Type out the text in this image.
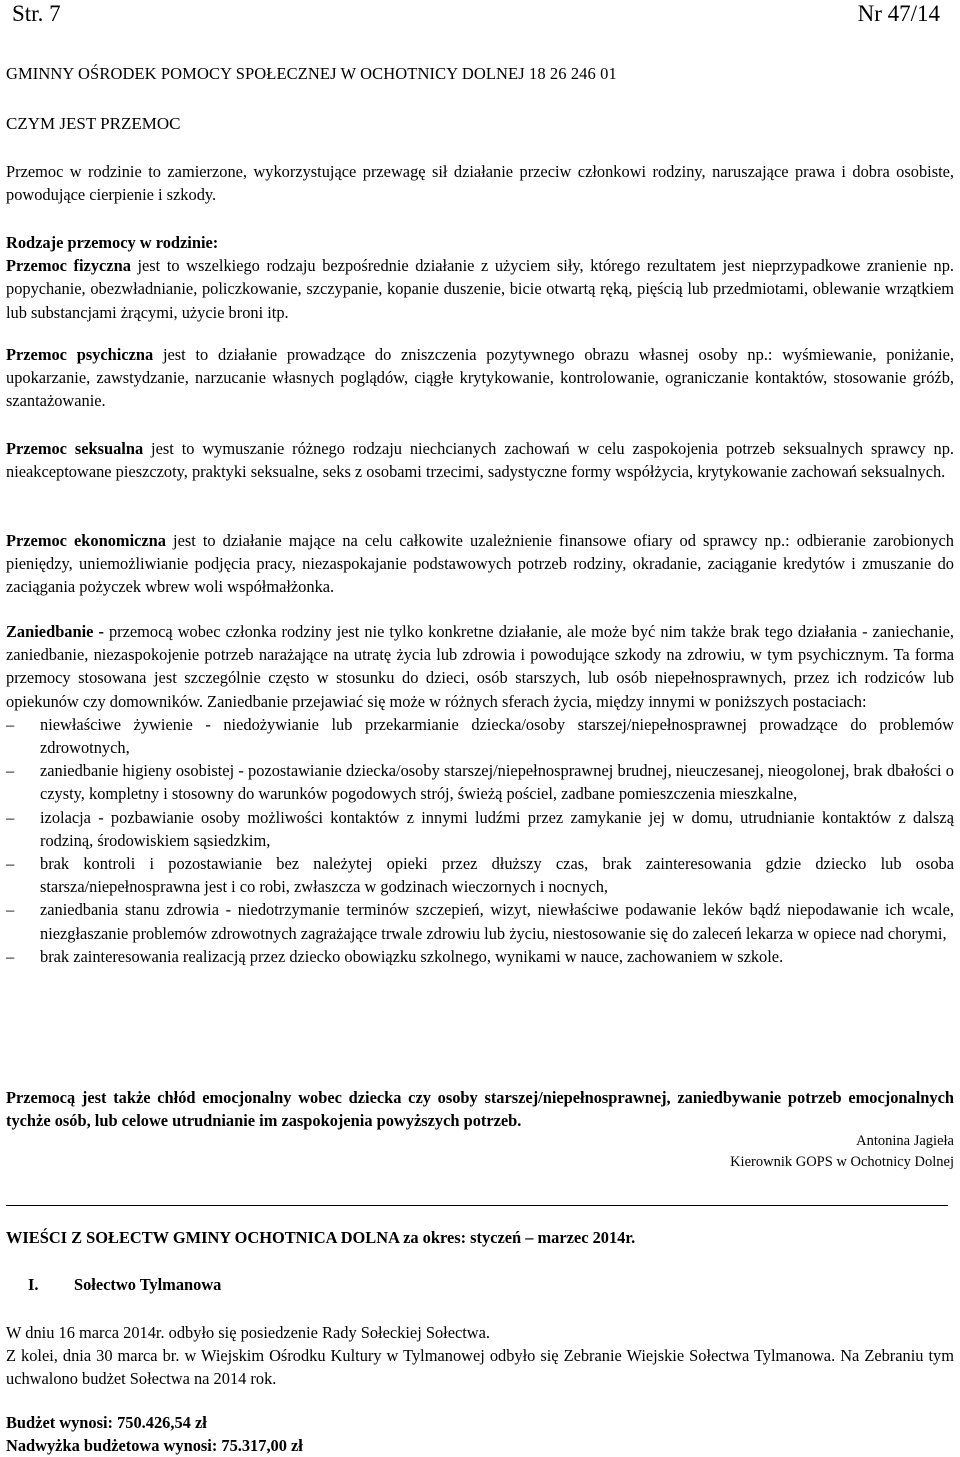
Str. 7	Nr 47/14
GMINNY OŚRODEK POMOCY SPOŁECZNEJ W OCHOTNICY DOLNEJ 18 26 246 01
CZYM JEST PRZEMOC
Przemoc w rodzinie to zamierzone, wykorzystujące przewagę sił działanie przeciw członkowi rodziny, naruszające prawa i dobra osobiste, powodujące cierpienie i szkody.
Rodzaje przemocy w rodzinie:
Przemoc fizyczna jest to wszelkiego rodzaju bezpośrednie działanie z użyciem siły, którego rezultatem jest nieprzypadkowe zranienie np. popychanie, obezwładnianie, policzkowanie, szczypanie, kopanie duszenie, bicie otwartą ręką, pięścią lub przedmiotami, oblewanie wrzątkiem lub substancjami żrącymi, użycie broni itp.
Przemoc psychiczna jest to działanie prowadzące do zniszczenia pozytywnego obrazu własnej osoby np.: wyśmiewanie, poniżanie, upokarzanie, zawstydzanie, narzucanie własnych poglądów, ciągłe krytykowanie, kontrolowanie, ograniczanie kontaktów, stosowanie gróźb, szantażowanie.
Przemoc seksualna jest to wymuszanie różnego rodzaju niechcianych zachowań w celu zaspokojenia potrzeb seksualnych sprawcy np. nieakceptowane pieszczoty, praktyki seksualne, seks z osobami trzecimi, sadystyczne formy współżycia, krytykowanie zachowań seksualnych.
Przemoc ekonomiczna jest to działanie mające na celu całkowite uzależnienie finansowe ofiary od sprawcy np.: odbieranie zarobionych pieniędzy, uniemożliwianie podjęcia pracy, niezaspokajanie podstawowych potrzeb rodziny, okradanie, zaciąganie kredytów i zmuszanie do zaciągania pożyczek wbrew woli współmałżonka.
Zaniedbanie - przemocą wobec członka rodziny jest nie tylko konkretne działanie, ale może być nim także brak tego działania - zaniechanie, zaniedbanie, niezaspokojenie potrzeb narażające na utratę życia lub zdrowia i powodujące szkody na zdrowiu, w tym psychicznym. Ta forma przemocy stosowana jest szczególnie często w stosunku do dzieci, osób starszych, lub osób niepełnosprawnych, przez ich rodziców lub opiekunów czy domowników. Zaniedbanie przejawiać się może w różnych sferach życia, między innymi w poniższych postaciach:
–	niewłaściwe żywienie - niedożywianie lub przekarmianie dziecka/osoby starszej/niepełnosprawnej prowadzące do problemów zdrowotnych,
–	zaniedbanie higieny osobistej - pozostawianie dziecka/osoby starszej/niepełnosprawnej brudnej, nieuczesanej, nieogolonej, brak dbałości o czysty, kompletny i stosowny do warunków pogodowych strój, świeżą pościel, zadbane pomieszczenia mieszkalne,
–	izolacja - pozbawianie osoby możliwości kontaktów z innymi ludźmi przez zamykanie jej w domu, utrudnianie kontaktów z dalszą rodziną, środowiskiem sąsiedzkim,
–	brak kontroli i pozostawianie bez należytej opieki przez dłuższy czas, brak zainteresowania gdzie dziecko lub osoba starsza/niepełnosprawna jest i co robi, zwłaszcza w godzinach wieczornych i nocnych,
–	zaniedbania stanu zdrowia - niedotrzymanie terminów szczepień, wizyt, niewłaściwe podawanie leków bądź niepodawanie ich wcale, niezgłaszanie problemów zdrowotnych zagrażające trwale zdrowiu lub życiu, niestosowanie się do zaleceń lekarza w opiece nad chorymi,
–	brak zainteresowania realizacją przez dziecko obowiązku szkolnego, wynikami w nauce, zachowaniem w szkole.
Przemocą jest także chłód emocjonalny wobec dziecka czy osoby starszej/niepełnosprawnej, zaniedbywanie potrzeb emocjonalnych tychże osób, lub celowe utrudnianie im zaspokojenia powyższych potrzeb.
Antonina Jagieła
Kierownik GOPS w Ochotnicy Dolnej
WIEŚCI Z SOŁECTW GMINY OCHOTNICA DOLNA za okres: styczeń – marzec 2014r.
I. Sołectwo Tylmanowa
W dniu 16 marca 2014r. odbyło się posiedzenie Rady Sołeckiej Sołectwa.
Z kolei, dnia 30 marca br. w Wiejskim Ośrodku Kultury w Tylmanowej odbyło się Zebranie Wiejskie Sołectwa Tylmanowa. Na Zebraniu tym uchwalono budżet Sołectwa na 2014 rok.
Budżet wynosi: 750.426,54 zł
Nadwyżka budżetowa wynosi: 75.317,00 zł
